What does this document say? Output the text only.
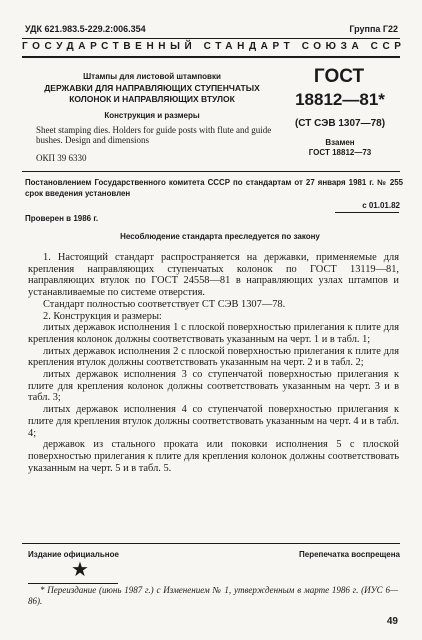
УДК 621.983.5-229.2:006.354	Группа Г22
ГОСУДАРСТВЕННЫЙ СТАНДАРТ СОЮЗА ССР
Штампы для листовой штамповки
ДЕРЖАВКИ ДЛЯ НАПРАВЛЯЮЩИХ СТУПЕНЧАТЫХ КОЛОНОК И НАПРАВЛЯЮЩИХ ВТУЛОК
Конструкция и размеры
Sheet stamping dies. Holders for guide posts with flute and guide bushes. Design and dimensions
ОКП 39 6330
ГОСТ
18812—81*
(СТ СЭВ 1307—78)
Взамен
ГОСТ 18812—73
Постановлением Государственного комитета СССР по стандартам от 27 января 1981 г. № 255 срок введения установлен
с 01.01.82
Проверен в 1986 г.
Несоблюдение стандарта преследуется по закону

1. Настоящий стандарт распространяется на державки, применяемые для крепления направляющих ступенчатых колонок по ГОСТ 13119—81, направляющих втулок по ГОСТ 24558—81 в направляющих узлах штампов и устанавливаемые по системе отверстия.

Стандарт полностью соответствует СТ СЭВ 1307—78.

2. Конструкция и размеры:

литых державок исполнения 1 с плоской поверхностью прилегания к плите для крепления колонок должны соответствовать указанным на черт. 1 и в табл. 1;

литых державок исполнения 2 с плоской поверхностью прилегания к плите для крепления втулок должны соответствовать указанным на черт. 2 и в табл. 2;

литых державок исполнения 3 со ступенчатой поверхностью прилегания к плите для крепления колонок должны соответствовать указанным на черт. 3 и в табл. 3;

литых державок исполнения 4 со ступенчатой поверхностью прилегания к плите для крепления втулок должны соответствовать указанным на черт. 4 и в табл. 4;

державок из стального проката или поковки исполнения 5 с плоской поверхностью прилегания к плите для крепления колонок должны соответствовать указанным на черт. 5 и в табл. 5.

Издание официальное	Перепечатка воспрещена
★
* Переиздание (июнь 1987 г.) с Изменением № 1, утвержденным в марте 1986 г. (ИУС 6—86).
49
